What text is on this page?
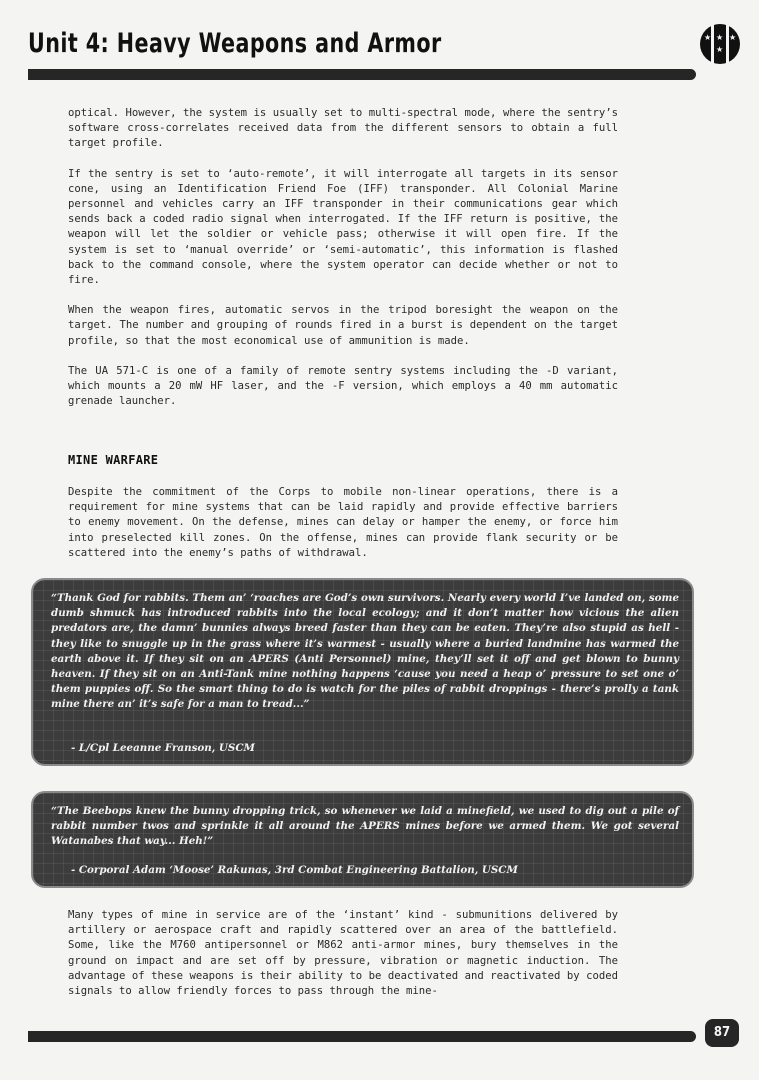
Unit 4: Heavy Weapons and Armor	★ ★ ★
★

optical. However, the system is usually set to multi-spectral mode, where the sentry’s software cross-correlates received data from the different sensors to obtain a full target profile.

If the sentry is set to ‘auto-remote’, it will interrogate all targets in its sensor cone, using an Identification Friend Foe (IFF) transponder. All Colonial Marine personnel and vehicles carry an IFF transponder in their communications gear which sends back a coded radio signal when interrogated. If the IFF return is positive, the weapon will let the soldier or vehicle pass; otherwise it will open fire. If the system is set to ‘manual override’ or ‘semi-automatic’, this information is flashed back to the command console, where the system operator can decide whether or not to fire.

When the weapon fires, automatic servos in the tripod boresight the weapon on the target. The number and grouping of rounds fired in a burst is dependent on the target profile, so that the most economical use of ammunition is made.

The UA 571-C is one of a family of remote sentry systems including the -D variant, which mounts a 20 mW HF laser, and the -F version, which employs a 40 mm automatic grenade launcher.

MINE WARFARE
Despite the commitment of the Corps to mobile non-linear operations, there is a requirement for mine systems that can be laid rapidly and provide effective barriers to enemy movement. On the defense, mines can delay or hamper the enemy, or force him into preselected kill zones. On the offense, mines can provide flank security or be scattered into the enemy’s paths of withdrawal.
“Thank God for rabbits. Them an’ ‘roaches are God’s own survivors. Nearly every world I’ve landed on, some dumb shmuck has introduced rabbits into the local ecology; and it don’t matter how vicious the alien predators are, the damn’ bunnies always breed faster than they can be eaten. They’re also stupid as hell - they like to snuggle up in the grass where it’s warmest - usually where a buried landmine has warmed the earth above it. If they sit on an APERS (Anti Personnel) mine, they’ll set it off and get blown to bunny heaven. If they sit on an Anti-Tank mine nothing happens ‘cause you need a heap o’ pressure to set one o’ them puppies off. So the smart thing to do is watch for the piles of rabbit droppings - there’s prolly a tank mine there an’ it’s safe for a man to tread...”
- L/Cpl Leeanne Franson, USCM
“The Beebops knew the bunny dropping trick, so whenever we laid a minefield, we used to dig out a pile of rabbit number twos and sprinkle it all around the APERS mines before we armed them. We got several Watanabes that way... Heh!”
- Corporal Adam ‘Moose’ Rakunas, 3rd Combat Engineering Battalion, USCM
Many types of mine in service are of the ‘instant’ kind - submunitions delivered by artillery or aerospace craft and rapidly scattered over an area of the battlefield. Some, like the M760 antipersonnel or M862 anti-armor mines, bury themselves in the ground on impact and are set off by pressure, vibration or magnetic induction. The advantage of these weapons is their ability to be deactivated and reactivated by coded signals to allow friendly forces to pass through the mine-
87
